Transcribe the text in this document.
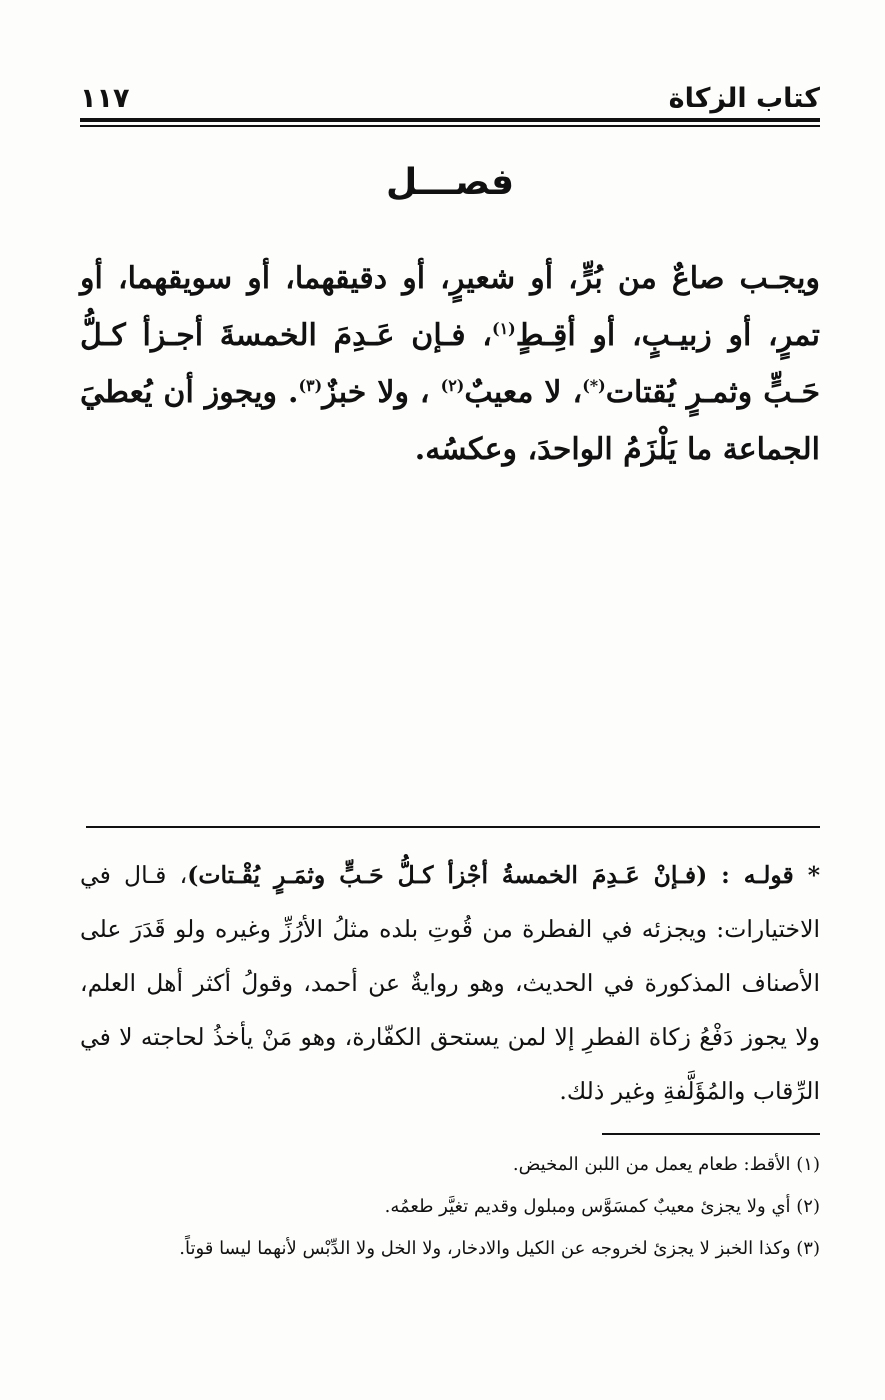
كتاب الزكاة
١١٧
فصـــل
ويجـب صاعٌ من بُرٍّ، أو شعيرٍ، أو دقيقهما، أو سويقهما، أو تمرٍ، أو زبيـبٍ، أو أقِـطٍ$^{(١)}$، فـإن عَـدِمَ الخمسةَ أجـزأ كـلُّ حَـبٍّ وثمـرٍ يُقتات(*)، لا معيبٌ$^{(٢)}$ ، ولا خبزٌ$^{(٣)}$. ويجوز أن يُعطيَ الجماعة ما يَلْزَمُ الواحدَ، وعكسُه.
* قولـه : (فـإنْ عَـدِمَ الخمسةُ أجْزأ كـلُّ حَـبٍّ وثمَـرٍ يُقْـتات)، قـال في الاختيارات: ويجزئه في الفطرة من قُوتِ بلده مثلُ الأرُزِّ وغيره ولو قَدَرَ على الأصناف المذكورة في الحديث، وهو روايةٌ عن أحمد، وقولُ أكثر أهل العلم، ولا يجوز دَفْعُ زكاة الفطرِ إلا لمن يستحق الكفّارة، وهو مَنْ يأخذُ لحاجته لا في الرِّقاب والمُؤَلَّفةِ وغير ذلك.
(١) الأقط: طعام يعمل من اللبن المخيض.
(٢) أي ولا يجزئ معيبٌ كمسَوَّس ومبلول وقديم تغيَّر طعمُه.
(٣) وكذا الخبز لا يجزئ لخروجه عن الكيل والادخار، ولا الخل ولا الدِّبْس لأنهما ليسا قوتاً.
